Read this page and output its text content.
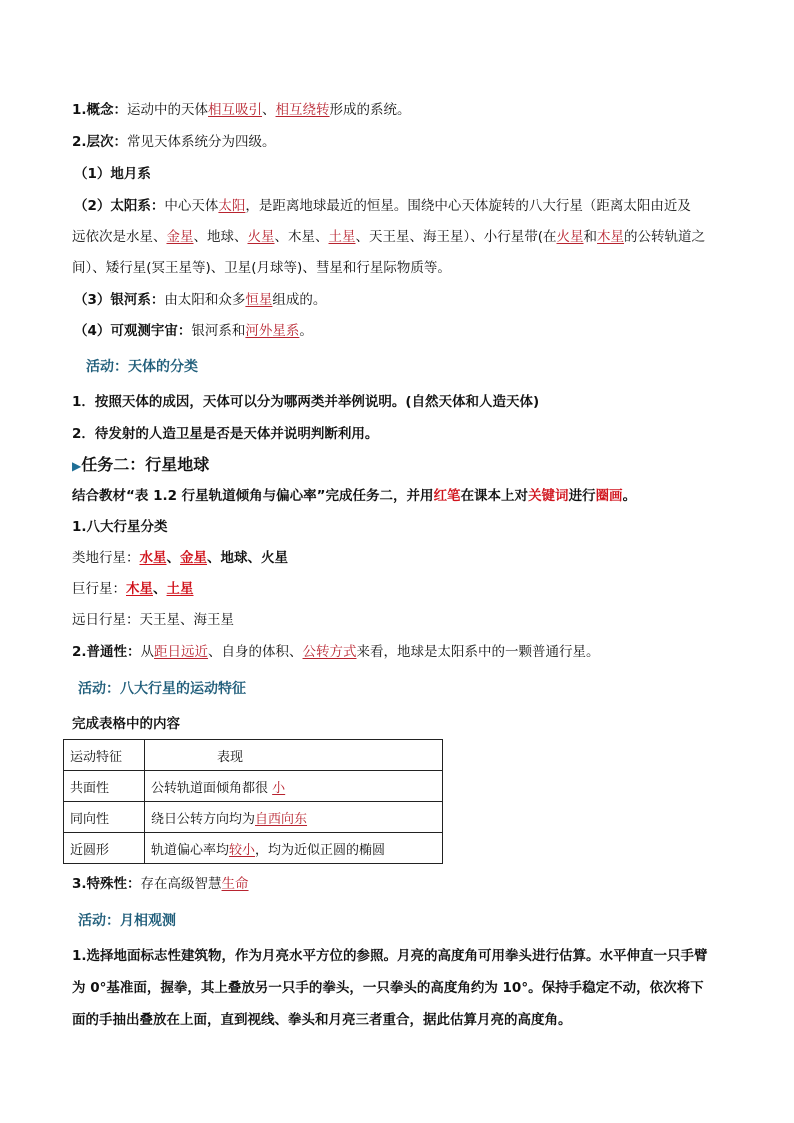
1.概念：运动中的天体相互吸引、相互绕转形成的系统。
2.层次：常见天体系统分为四级。
（1）地月系
（2）太阳系：中心天体太阳，是距离地球最近的恒星。围绕中心天体旋转的八大行星（距离太阳由近及
远依次是水星、金星、地球、火星、木星、土星、天王星、海王星）、小行星带(在火星和木星的公转轨道之
间）、矮行星(冥王星等)、卫星(月球等)、彗星和行星际物质等。
（3）银河系：由太阳和众多恒星组成的。
（4）可观测宇宙：银河系和河外星系。
活动：天体的分类
1．按照天体的成因，天体可以分为哪两类并举例说明。(自然天体和人造天体)
2．待发射的人造卫星是否是天体并说明判断利用。
▶任务二：行星地球
结合教材“表 1.2 行星轨道倾角与偏心率”完成任务二，并用红笔在课本上对关键词进行圈画。
1.八大行星分类
类地行星：水星、金星、地球、火星
巨行星：木星、土星
远日行星：天王星、海王星
2.普通性：从距日远近、自身的体积、公转方式来看，地球是太阳系中的一颗普通行星。
活动：八大行星的运动特征
完成表格中的内容
运动特征	表现
共面性	公转轨道面倾角都很 小
同向性	绕日公转方向均为自西向东
近圆形	轨道偏心率均较小，均为近似正圆的椭圆
3.特殊性：存在高级智慧生命
活动：月相观测
1.选择地面标志性建筑物，作为月亮水平方位的参照。月亮的高度角可用拳头进行估算。水平伸直一只手臂
为 0°基准面，握拳，其上叠放另一只手的拳头，一只拳头的高度角约为 10°。保持手稳定不动，依次将下
面的手抽出叠放在上面，直到视线、拳头和月亮三者重合，据此估算月亮的高度角。
